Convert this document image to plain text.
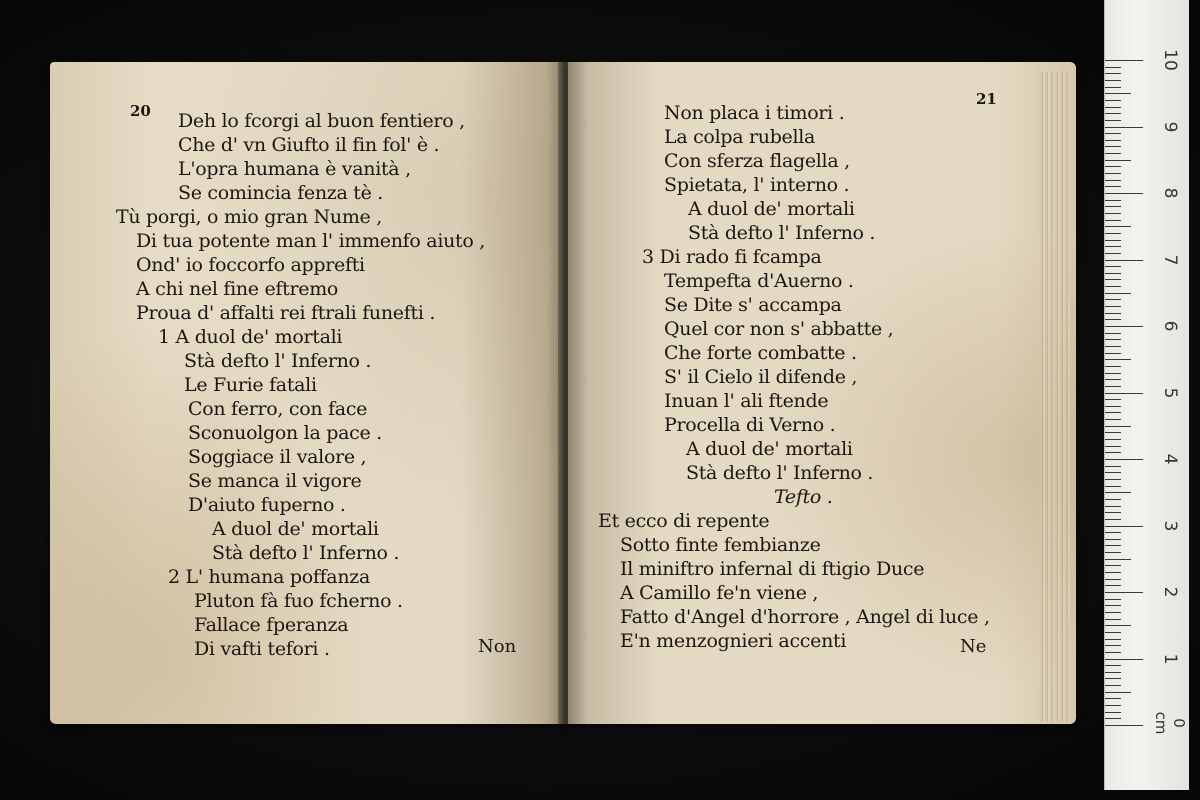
20 Deh lo fcorgi al buon fentiero ,
Che d' vn Giufto il fin fol' è .
L'opra humana è vanità ,
Se comincia fenza tè .
Tù porgi, o mio gran Nume ,
Di tua potente man l' immenfo aiuto ,
Ond' io foccorfo apprefti
A chi nel fine eftremo
Proua d' affalti rei ftrali funefti .
1 A duol de' mortali
Stà defto l' Inferno .
Le Furie fatali
Con ferro, con face
Sconuolgon la pace .
Soggiace il valore ,
Se manca il vigore
D'aiuto fuperno .
A duol de' mortali
Stà defto l' Inferno .
2 L' humana poffanza
Pluton fà fuo fcherno .
Fallace fperanza
Di vafti tefori .	Non
21
Non placa i timori .
La colpa rubella
Con sferza flagella ,
Spietata, l' interno .
A duol de' mortali
Stà defto l' Inferno .
3 Di rado fi fcampa
Tempefta d'Auerno .
Se Dite s' accampa
Quel cor non s' abbatte ,
Che forte combatte .
S' il Cielo il difende ,
Inuan l' ali ftende
Procella di Verno .
A duol de' mortali
Stà defto l' Inferno .
Tefto .
Et ecco di repente
Sotto finte fembianze
Il miniftro infernal di ftigio Duce
A Camillo fe'n viene ,
Fatto d'Angel d'horrore , Angel di luce ,
E'n menzognieri accenti	Ne
10
9
8
7
6
5
4
3
2
1
0 cm
